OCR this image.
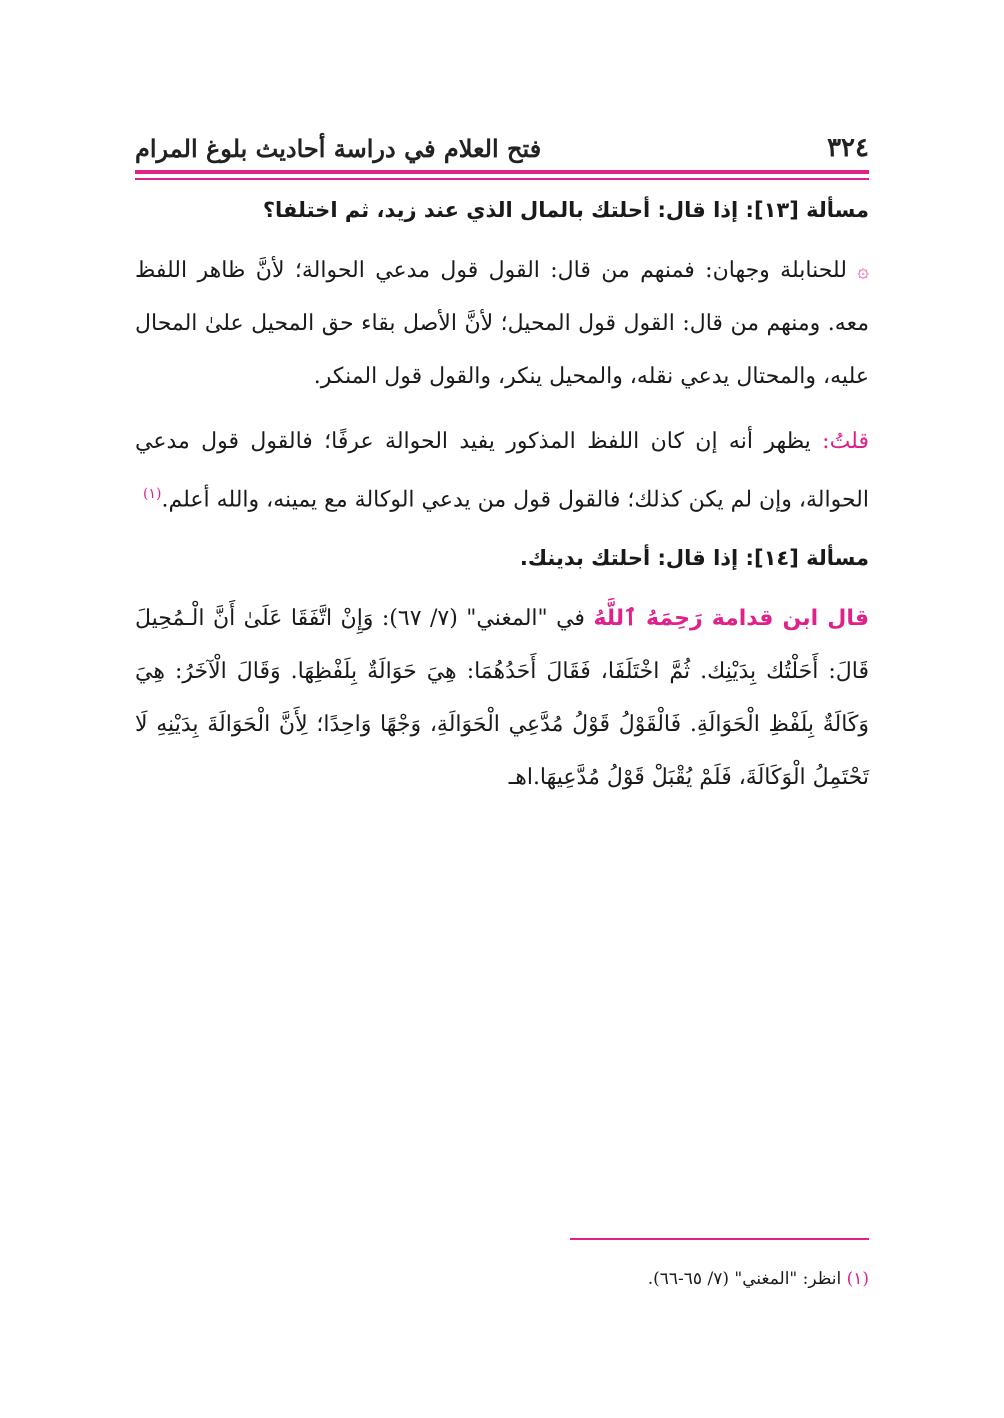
٣٢٤
فتح العلام في دراسة أحاديث بلوغ المرام
مسألة [١٣]: إذا قال: أحلتك بالمال الذي عند زيد، ثم اختلفا؟

۞ للحنابلة وجهان: فمنهم من قال: القول قول مدعي الحوالة؛ لأنَّ ظاهر اللفظ معه. ومنهم من قال: القول قول المحيل؛ لأنَّ الأصل بقاء حق المحيل علىٰ المحال عليه، والمحتال يدعي نقله، والمحيل ينكر، والقول قول المنكر.

قلتُ: يظهر أنه إن كان اللفظ المذكور يفيد الحوالة عرفًا؛ فالقول قول مدعي الحوالة، وإن لم يكن كذلك؛ فالقول قول من يدعي الوكالة مع يمينه، والله أعلم.$^{(١)}$

مسألة [١٤]: إذا قال: أحلتك بدينك.

قال ابن قدامة رَحِمَهُ ٱللَّهُ في "المغني" (٧/ ٦٧): وَإِنْ اتَّفَقَا عَلَىٰ أَنَّ الْـمُحِيلَ قَالَ: أَحَلْتُك بِدَيْنِك. ثُمَّ اخْتَلَفَا، فَقَالَ أَحَدُهُمَا: هِيَ حَوَالَةٌ بِلَفْظِهَا. وَقَالَ الْآخَرُ: هِيَ وَكَالَةٌ بِلَفْظِ الْحَوَالَةِ. فَالْقَوْلُ قَوْلُ مُدَّعِي الْحَوَالَةِ، وَجْهًا وَاحِدًا؛ لِأَنَّ الْحَوَالَةَ بِدَيْنِهِ لَا تَحْتَمِلُ الْوَكَالَةَ، فَلَمْ يُقْبَلْ قَوْلُ مُدَّعِيهَا.اهـ

(١) انظر: "المغني" (٧/ ٦٥-٦٦).
